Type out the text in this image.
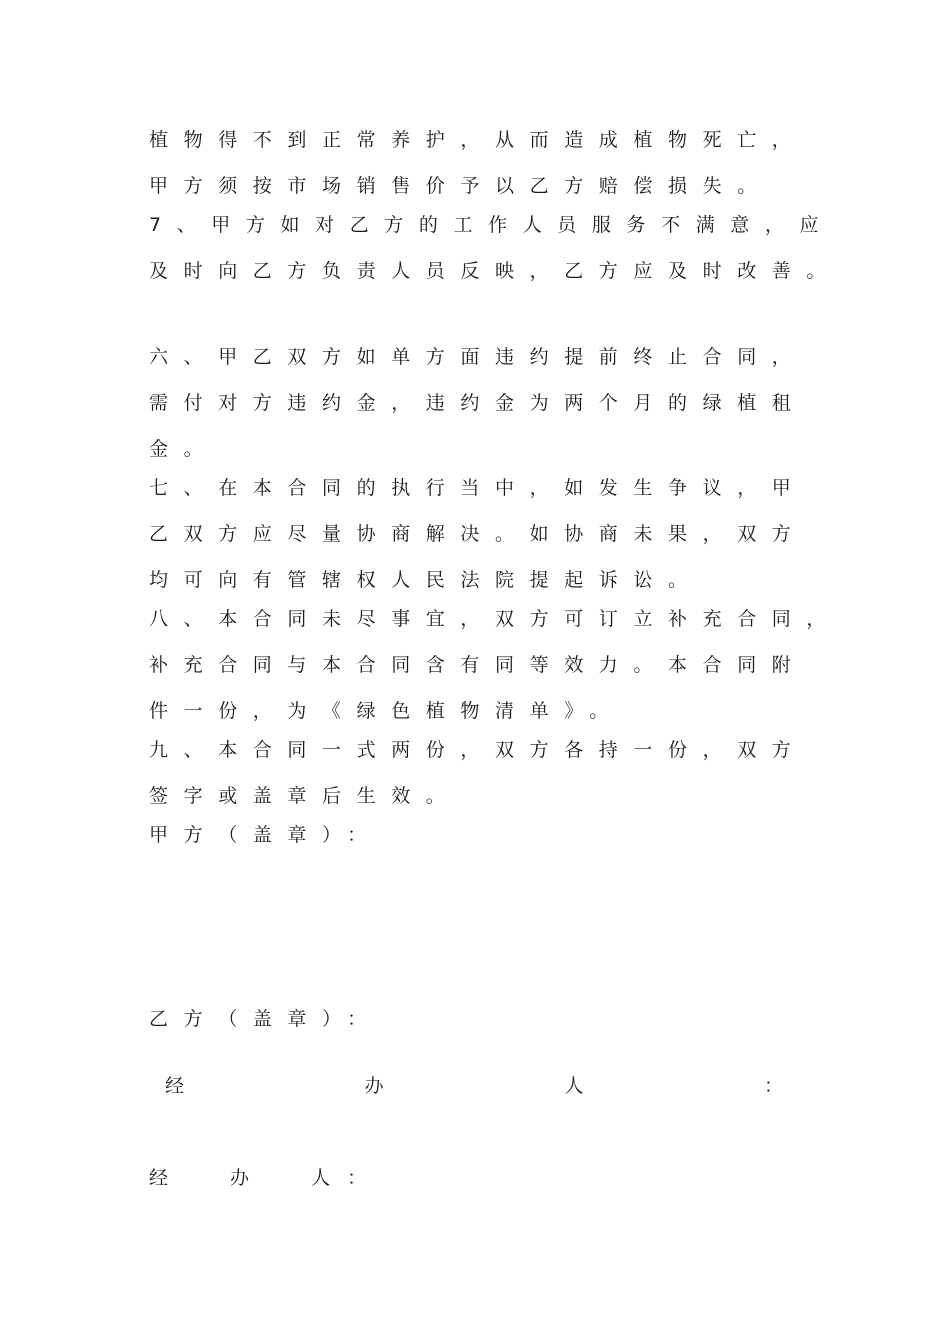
植物得不到正常养护，从而造成植物死亡，
甲方须按市场销售价予以乙方赔偿损失。
7、甲方如对乙方的工作人员服务不满意，应
及时向乙方负责人员反映，乙方应及时改善。
六、甲乙双方如单方面违约提前终止合同，
需付对方违约金，违约金为两个月的绿植租
金。
七、在本合同的执行当中，如发生争议，甲
乙双方应尽量协商解决。如协商未果，双方
均可向有管辖权人民法院提起诉讼。
八、本合同未尽事宜，双方可订立补充合同，
补充合同与本合同含有同等效力。本合同附
件一份，为《绿色植物清单》。
九、本合同一式两份，双方各持一份，双方
签字或盖章后生效。
甲方（盖章）：
乙方（盖章）：
经	办	人	：
经 办 人：
